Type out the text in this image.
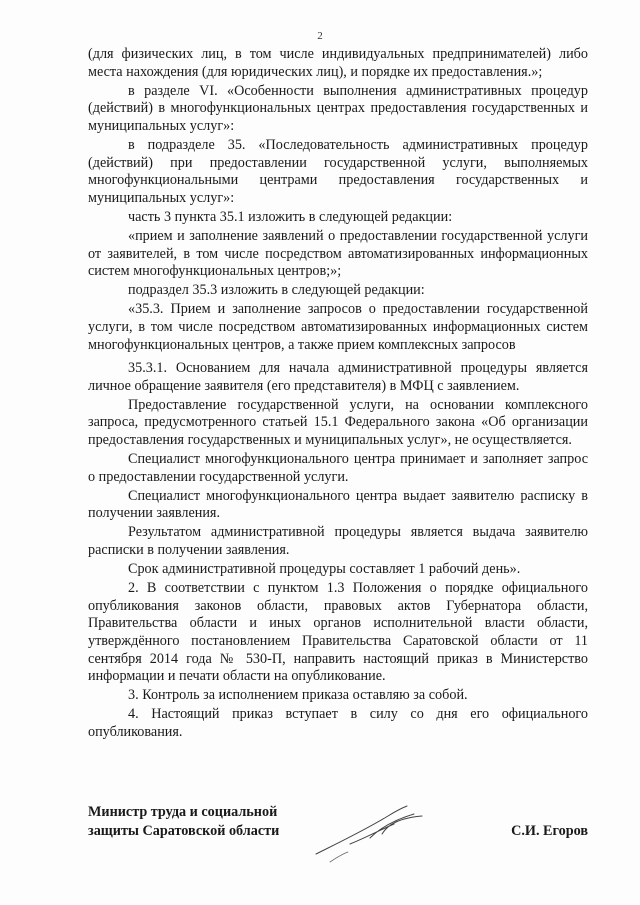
2

(для физических лиц, в том числе индивидуальных предпринимателей) либо места нахождения (для юридических лиц), и порядке их предоставления.»;

в разделе VI. «Особенности выполнения административных процедур (действий) в многофункциональных центрах предоставления государственных и муниципальных услуг»:

в подразделе 35. «Последовательность административных процедур (действий) при предоставлении государственной услуги, выполняемых многофункциональными центрами предоставления государственных и муниципальных услуг»:

часть 3 пункта 35.1 изложить в следующей редакции:

«прием и заполнение заявлений о предоставлении государственной услуги от заявителей, в том числе посредством автоматизированных информационных систем многофункциональных центров;»;

подраздел 35.3 изложить в следующей редакции:

«35.3. Прием и заполнение запросов о предоставлении государственной услуги, в том числе посредством автоматизированных информационных систем многофункциональных центров, а также прием комплексных запросов

35.3.1. Основанием для начала административной процедуры является личное обращение заявителя (его представителя) в МФЦ с заявлением.

Предоставление государственной услуги, на основании комплексного запроса, предусмотренного статьей 15.1 Федерального закона «Об организации предоставления государственных и муниципальных услуг», не осуществляется.

Специалист многофункционального центра принимает и заполняет запрос о предоставлении государственной услуги.

Специалист многофункционального центра выдает заявителю расписку в получении заявления.

Результатом административной процедуры является выдача заявителю расписки в получении заявления.

Срок административной процедуры составляет 1 рабочий день».

2. В соответствии с пунктом 1.3 Положения о порядке официального опубликования законов области, правовых актов Губернатора области, Правительства области и иных органов исполнительной власти области, утверждённого постановлением Правительства Саратовской области от 11 сентября 2014 года № 530-П, направить настоящий приказ в Министерство информации и печати области на опубликование.

3. Контроль за исполнением приказа оставляю за собой.

4. Настоящий приказ вступает в силу со дня его официального опубликования.

Министр труда и социальной
защиты Саратовской области	С.И. Егоров
